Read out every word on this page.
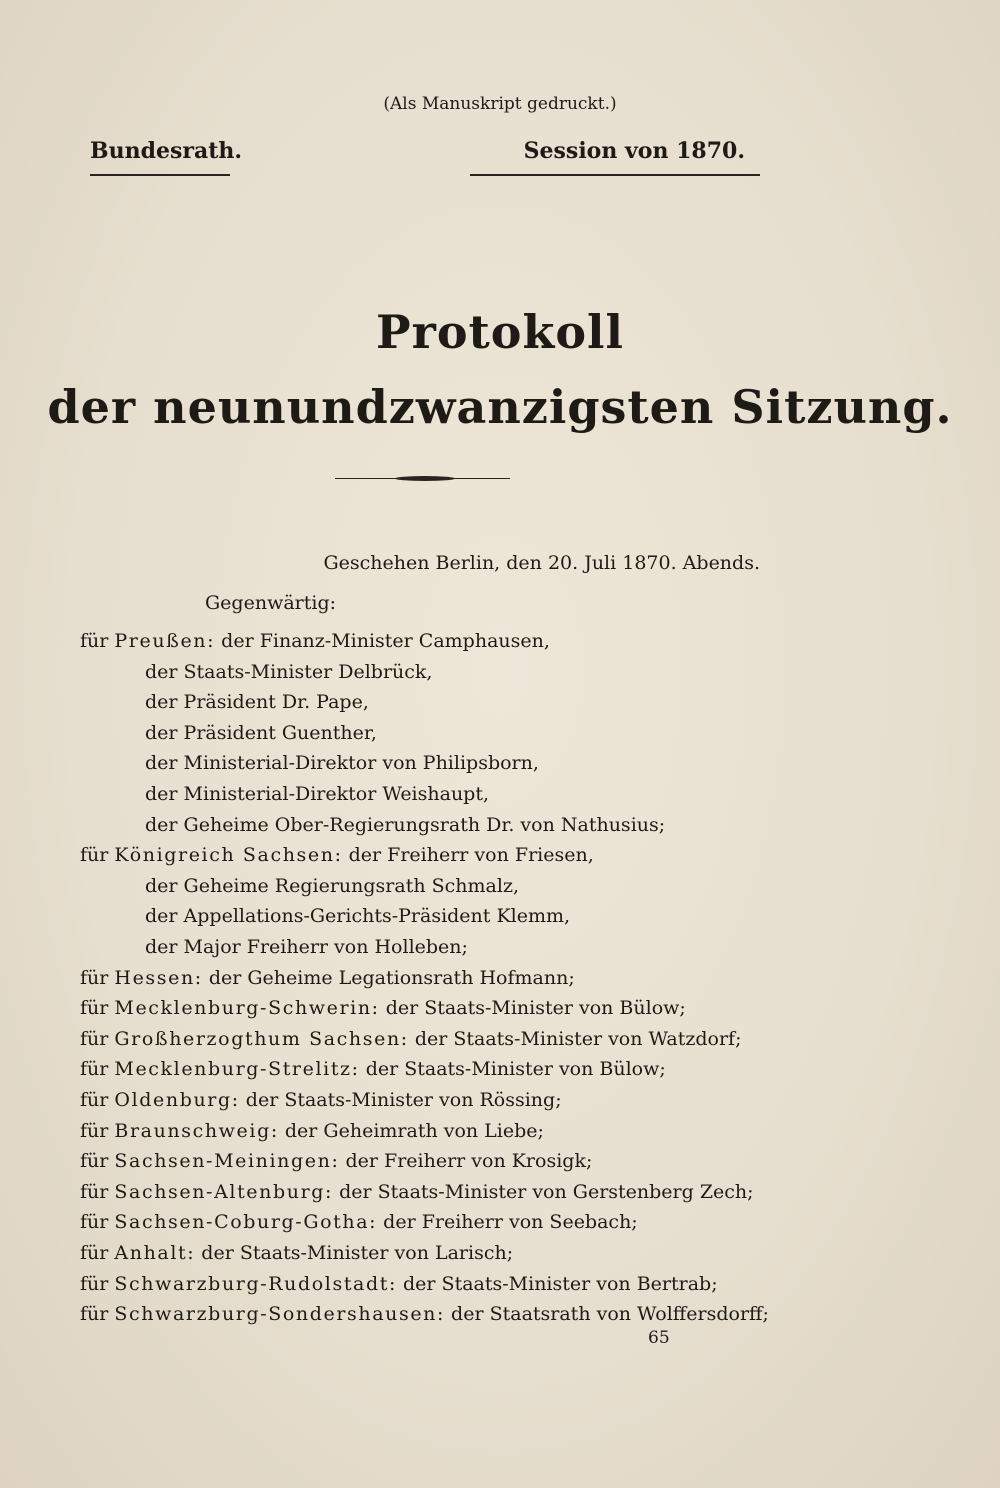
(Als Manuskript gedruckt.)
Bundesrath.	Session von 1870.
Protokoll
der neunundzwanzigsten Sitzung.
Geschehen Berlin, den 20. Juli 1870. Abends.
Gegenwärtig:
für Preußen: der Finanz-Minister Camphausen,
der Staats-Minister Delbrück,
der Präsident Dr. Pape,
der Präsident Guenther,
der Ministerial-Direktor von Philipsborn,
der Ministerial-Direktor Weishaupt,
der Geheime Ober-Regierungsrath Dr. von Nathusius;
für Königreich Sachsen: der Freiherr von Friesen,
der Geheime Regierungsrath Schmalz,
der Appellations-Gerichts-Präsident Klemm,
der Major Freiherr von Holleben;
für Hessen: der Geheime Legationsrath Hofmann;
für Mecklenburg-Schwerin: der Staats-Minister von Bülow;
für Großherzogthum Sachsen: der Staats-Minister von Watzdorf;
für Mecklenburg-Strelitz: der Staats-Minister von Bülow;
für Oldenburg: der Staats-Minister von Rössing;
für Braunschweig: der Geheimrath von Liebe;
für Sachsen-Meiningen: der Freiherr von Krosigk;
für Sachsen-Altenburg: der Staats-Minister von Gerstenberg Zech;
für Sachsen-Coburg-Gotha: der Freiherr von Seebach;
für Anhalt: der Staats-Minister von Larisch;
für Schwarzburg-Rudolstadt: der Staats-Minister von Bertrab;
für Schwarzburg-Sondershausen: der Staatsrath von Wolffersdorff;
65
